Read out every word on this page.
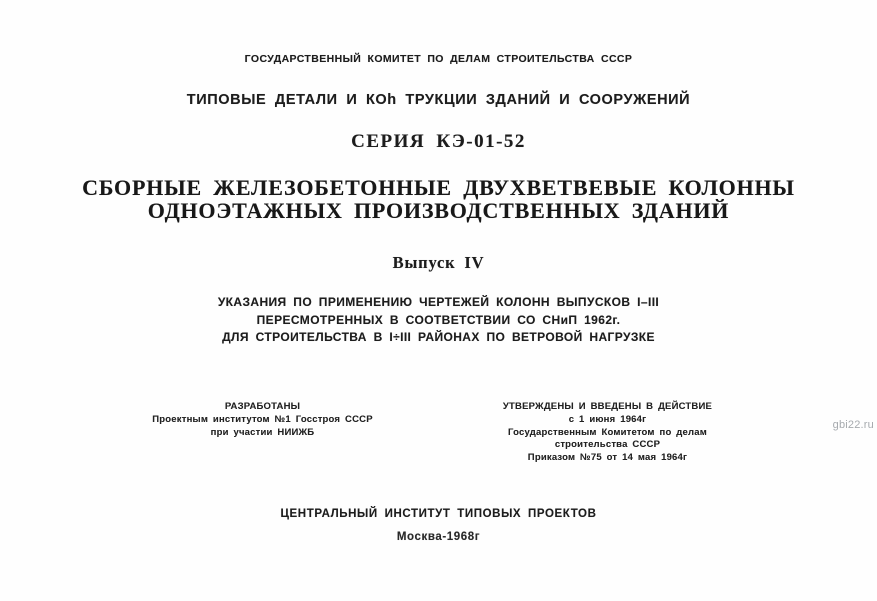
ГОСУДАРСТВЕННЫЙ КОМИТЕТ ПО ДЕЛАМ СТРОИТЕЛЬСТВА СССР
ТИПОВЫЕ ДЕТАЛИ И КОh ТРУКЦИИ ЗДАНИЙ И СООРУЖЕНИЙ
СЕРИЯ КЭ-01-52
СБОРНЫЕ ЖЕЛЕЗОБЕТОННЫЕ ДВУХВЕТВЕВЫЕ КОЛОННЫ
ОДНОЭТАЖНЫХ ПРОИЗВОДСТВЕННЫХ ЗДАНИЙ
Выпуск IV
УКАЗАНИЯ ПО ПРИМЕНЕНИЮ ЧЕРТЕЖЕЙ КОЛОНН ВЫПУСКОВ I–III
ПЕРЕСМОТРЕННЫХ В СООТВЕТСТВИИ СО СНиП 1962г.
ДЛЯ СТРОИТЕЛЬСТВА В I÷III РАЙОНАХ ПО ВЕТРОВОЙ НАГРУЗКЕ
РАЗРАБОТАНЫ
Проектным институтом №1 Госстроя СССР
при участии НИИЖБ
УТВЕРЖДЕНЫ И ВВЕДЕНЫ В ДЕЙСТВИЕ
с 1 июня 1964г
Государственным Комитетом по делам
строительства СССР
Приказом №75 от 14 мая 1964г
ЦЕНТРАЛЬНЫЙ ИНСТИТУТ ТИПОВЫХ ПРОЕКТОВ
Москва-1968г
gbi22.ru
